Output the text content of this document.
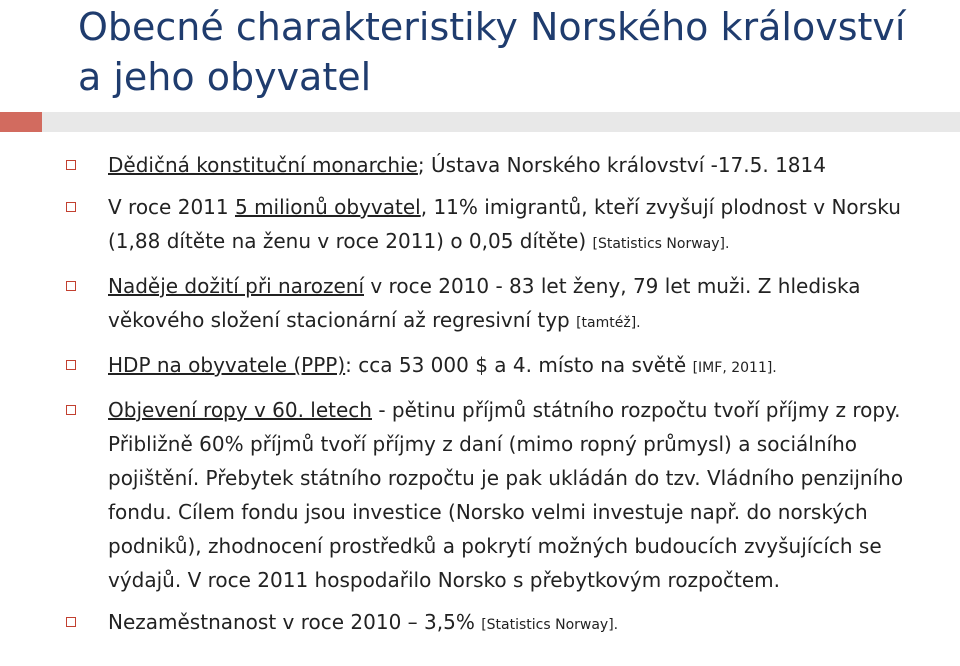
Obecné charakteristiky Norského království a jeho obyvatel
Dědičná konstituční monarchie; Ústava Norského království -17.5. 1814
V roce 2011 5 milionů obyvatel, 11% imigrantů, kteří zvyšují plodnost v Norsku (1,88 dítěte na ženu v roce 2011) o 0,05 dítěte) [Statistics Norway].
Naděje dožití při narození v roce 2010 - 83 let ženy, 79 let muži. Z hlediska věkového složení stacionární až regresivní typ [tamtéž].
HDP na obyvatele (PPP): cca 53 000 $ a 4. místo na světě [IMF, 2011].
Objevení ropy v 60. letech - pětinu příjmů státního rozpočtu tvoří příjmy z ropy. Přibližně 60% příjmů tvoří příjmy z daní (mimo ropný průmysl) a sociálního pojištění. Přebytek státního rozpočtu je pak ukládán do tzv. Vládního penzijního fondu. Cílem fondu jsou investice (Norsko velmi investuje např. do norských podniků), zhodnocení prostředků a pokrytí možných budoucích zvyšujících se výdajů. V roce 2011 hospodařilo Norsko s přebytkovým rozpočtem.
Nezaměstnanost v roce 2010 – 3,5% [Statistics Norway].
